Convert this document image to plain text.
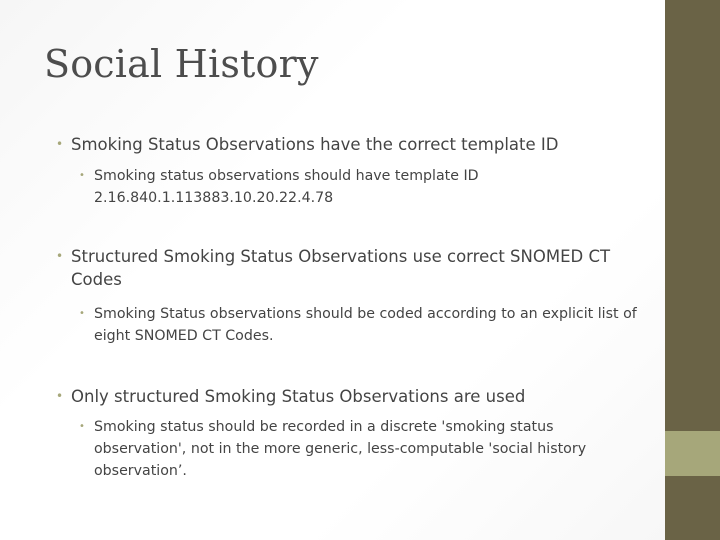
Social History
• Smoking Status Observations have the correct template ID
• Smoking status observations should have template ID 2.16.840.1.113883.10.20.22.4.78
• Structured Smoking Status Observations use correct SNOMED CT Codes
• Smoking Status observations should be coded according to an explicit list of eight SNOMED CT Codes.
• Only structured Smoking Status Observations are used
• Smoking status should be recorded in a discrete 'smoking status observation', not in the more generic, less-computable 'social history observation’.
